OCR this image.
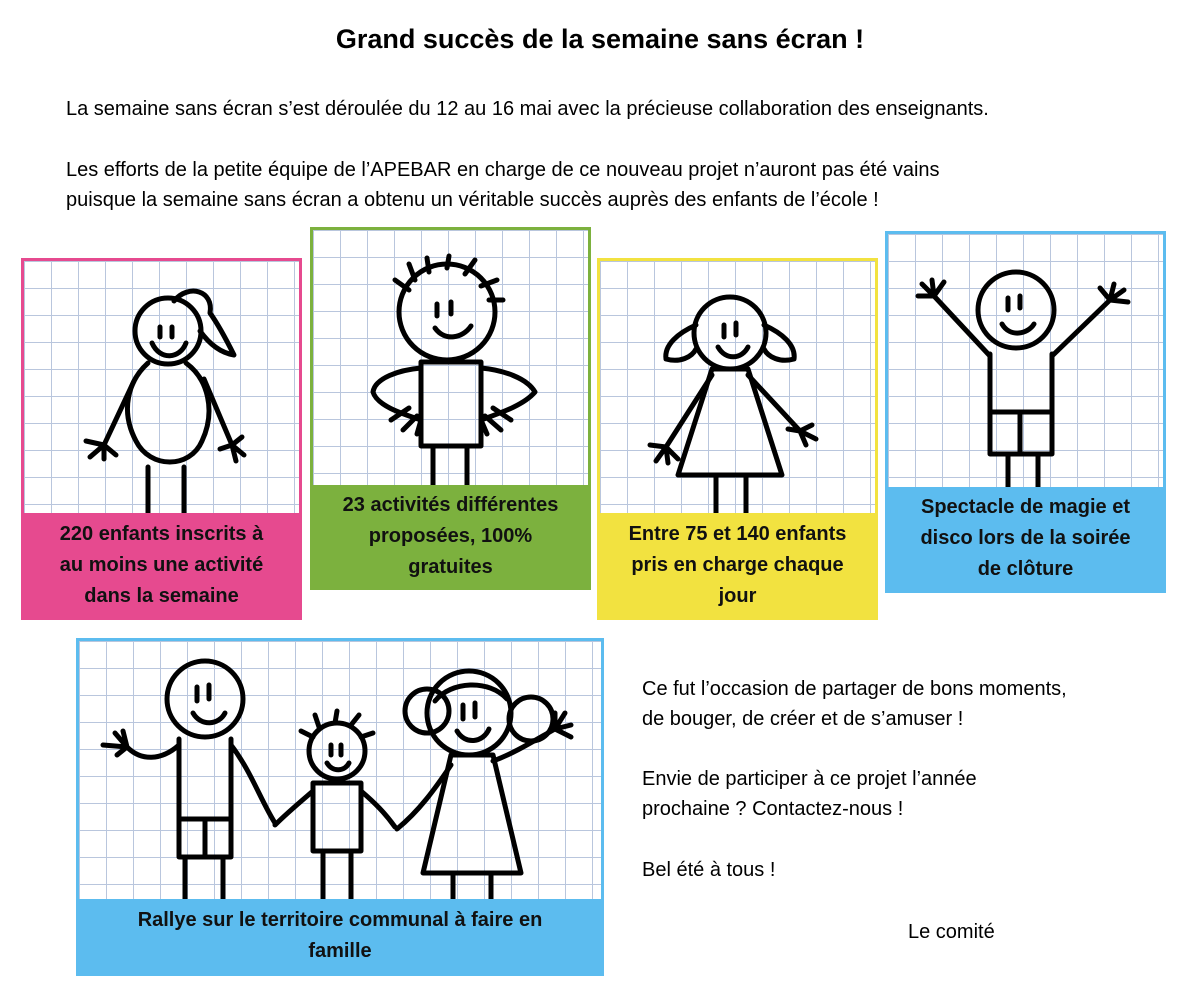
Grand succès de la semaine sans écran !
La semaine sans écran s’est déroulée du 12 au 16 mai avec la précieuse collaboration des enseignants.
Les efforts de la petite équipe de l’APEBAR en charge de ce nouveau projet n’auront pas été vains
puisque la semaine sans écran a obtenu un véritable succès auprès des enfants de l’école !
220 enfants inscrits à
au moins une activité
dans la semaine
23 activités différentes
proposées, 100%
gratuites
Entre 75 et 140 enfants
pris en charge chaque
jour
Spectacle de magie et
disco lors de la soirée
de clôture
Rallye sur le territoire communal à faire en
famille
Ce fut l’occasion de partager de bons moments,
de bouger, de créer et de s’amuser !
Envie de participer à ce projet l’année
prochaine ? Contactez-nous !
Bel été à tous !
Le comité
